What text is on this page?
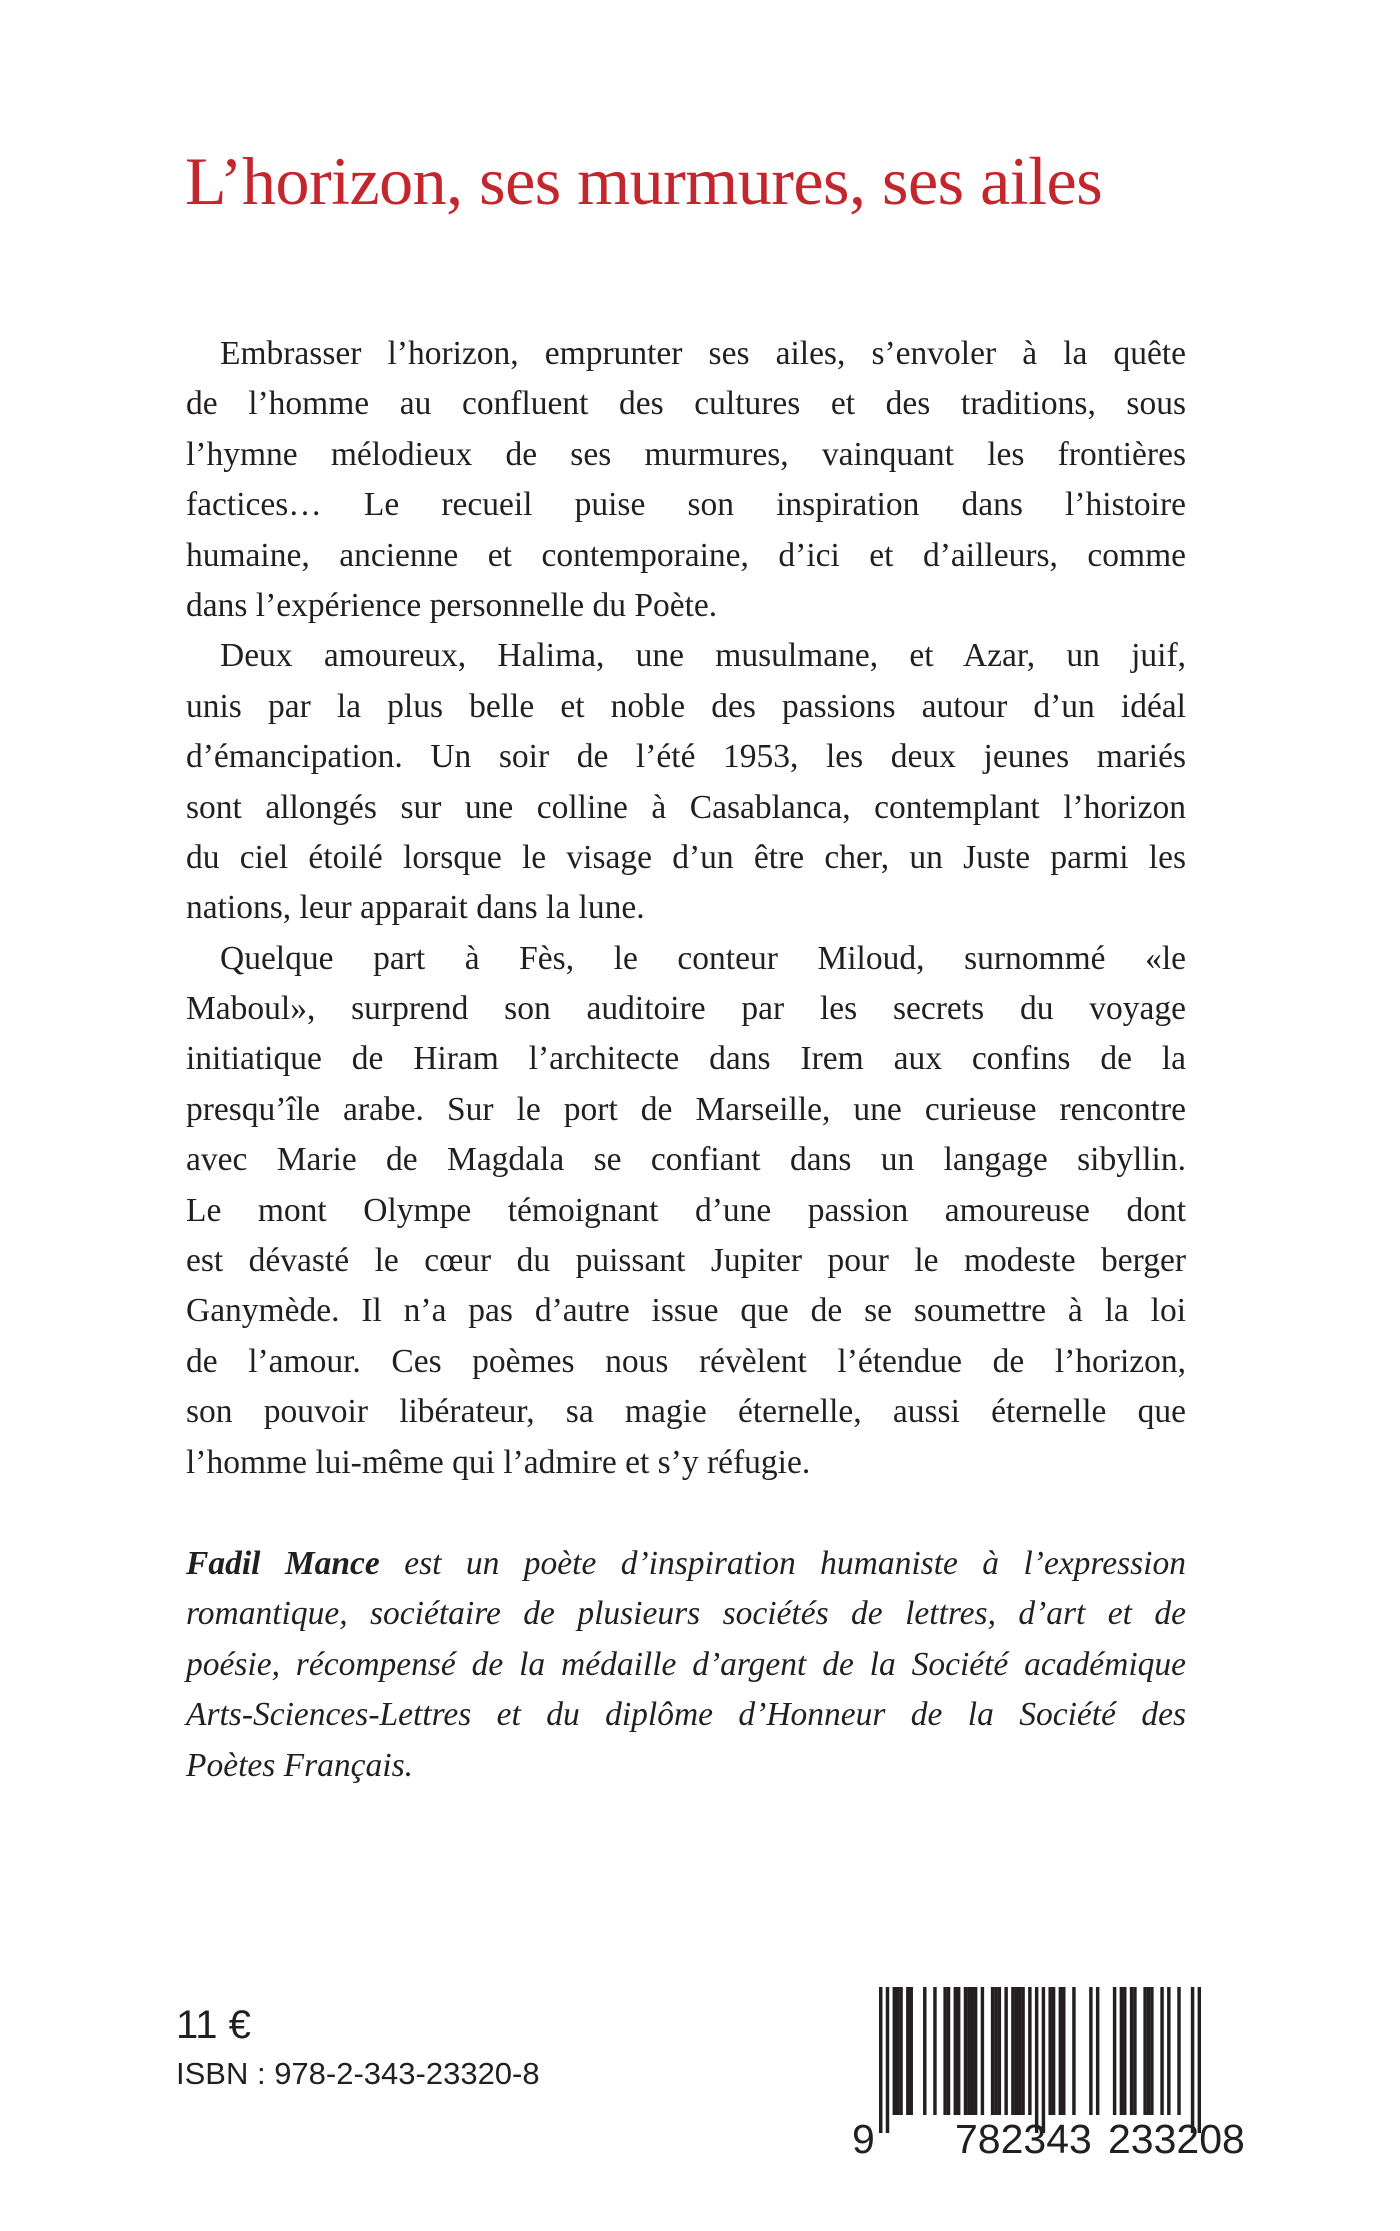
L’horizon, ses murmures, ses ailes
Embrasser l’horizon, emprunter ses ailes, s’envoler à la quête
de l’homme au confluent des cultures et des traditions, sous
l’hymne mélodieux de ses murmures, vainquant les frontières
factices… Le recueil puise son inspiration dans l’histoire
humaine, ancienne et contemporaine, d’ici et d’ailleurs, comme
dans l’expérience personnelle du Poète.
Deux amoureux, Halima, une musulmane, et Azar, un juif,
unis par la plus belle et noble des passions autour d’un idéal
d’émancipation. Un soir de l’été 1953, les deux jeunes mariés
sont allongés sur une colline à Casablanca, contemplant l’horizon
du ciel étoilé lorsque le visage d’un être cher, un Juste parmi les
nations, leur apparait dans la lune.
Quelque part à Fès, le conteur Miloud, surnommé «le
Maboul», surprend son auditoire par les secrets du voyage
initiatique de Hiram l’architecte dans Irem aux confins de la
presqu’île arabe. Sur le port de Marseille, une curieuse rencontre
avec Marie de Magdala se confiant dans un langage sibyllin.
Le mont Olympe témoignant d’une passion amoureuse dont
est dévasté le cœur du puissant Jupiter pour le modeste berger
Ganymède. Il n’a pas d’autre issue que de se soumettre à la loi
de l’amour. Ces poèmes nous révèlent l’étendue de l’horizon,
son pouvoir libérateur, sa magie éternelle, aussi éternelle que
l’homme lui-même qui l’admire et s’y réfugie.
Fadil Mance est un poète d’inspiration humaniste à l’expression
romantique, sociétaire de plusieurs sociétés de lettres, d’art et de
poésie, récompensé de la médaille d’argent de la Société académique
Arts-Sciences-Lettres et du diplôme d’Honneur de la Société des
Poètes Français.
11 €
ISBN : 978-2-343-23320-8
9 782343 233208
